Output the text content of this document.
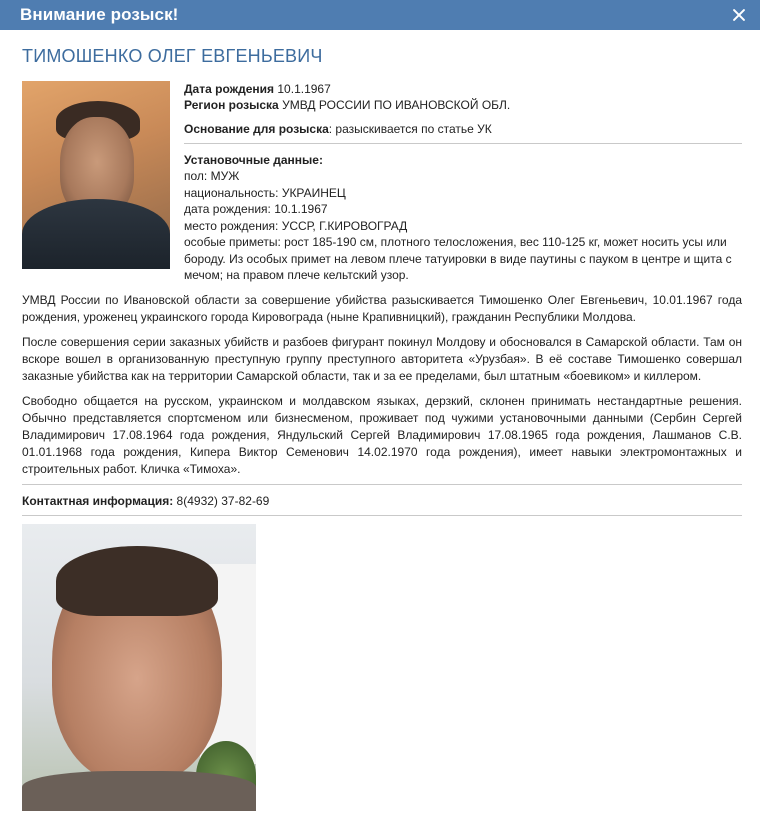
Внимание розыск!
ТИМОШЕНКО ОЛЕГ ЕВГЕНЬЕВИЧ
Дата рождения 10.1.1967
Регион розыска УМВД РОССИИ ПО ИВАНОВСКОЙ ОБЛ.
Основание для розыска: разыскивается по статье УК
Установочные данные:
пол: МУЖ
национальность: УКРАИНЕЦ
дата рождения: 10.1.1967
место рождения: УССР, Г.КИРОВОГРАД
особые приметы: рост 185-190 см, плотного телосложения, вес 110-125 кг, может носить усы или бороду. Из особых примет на левом плече татуировки в виде паутины с пауком в центре и щита с мечом; на правом плече кельтский узор.

УМВД России по Ивановской области за совершение убийства разыскивается Тимошенко Олег Евгеньевич, 10.01.1967 года рождения, уроженец украинского города Кировограда (ныне Крапивницкий), гражданин Республики Молдова.

После совершения серии заказных убийств и разбоев фигурант покинул Молдову и обосновался в Самарской области. Там он вскоре вошел в организованную преступную группу преступного авторитета «Урузбая». В её составе Тимошенко совершал заказные убийства как на территории Самарской области, так и за ее пределами, был штатным «боевиком» и киллером.

Свободно общается на русском, украинском и молдавском языках, дерзкий, склонен принимать нестандартные решения. Обычно представляется спортсменом или бизнесменом, проживает под чужими установочными данными (Сербин Сергей Владимирович 17.08.1964 года рождения, Яндульский Сергей Владимирович 17.08.1965 года рождения, Лашманов С.В. 01.01.1968 года рождения, Кипера Виктор Семенович 14.02.1970 года рождения), имеет навыки электромонтажных и строительных работ. Кличка «Тимоха».

Контактная информация: 8(4932) 37-82-69
